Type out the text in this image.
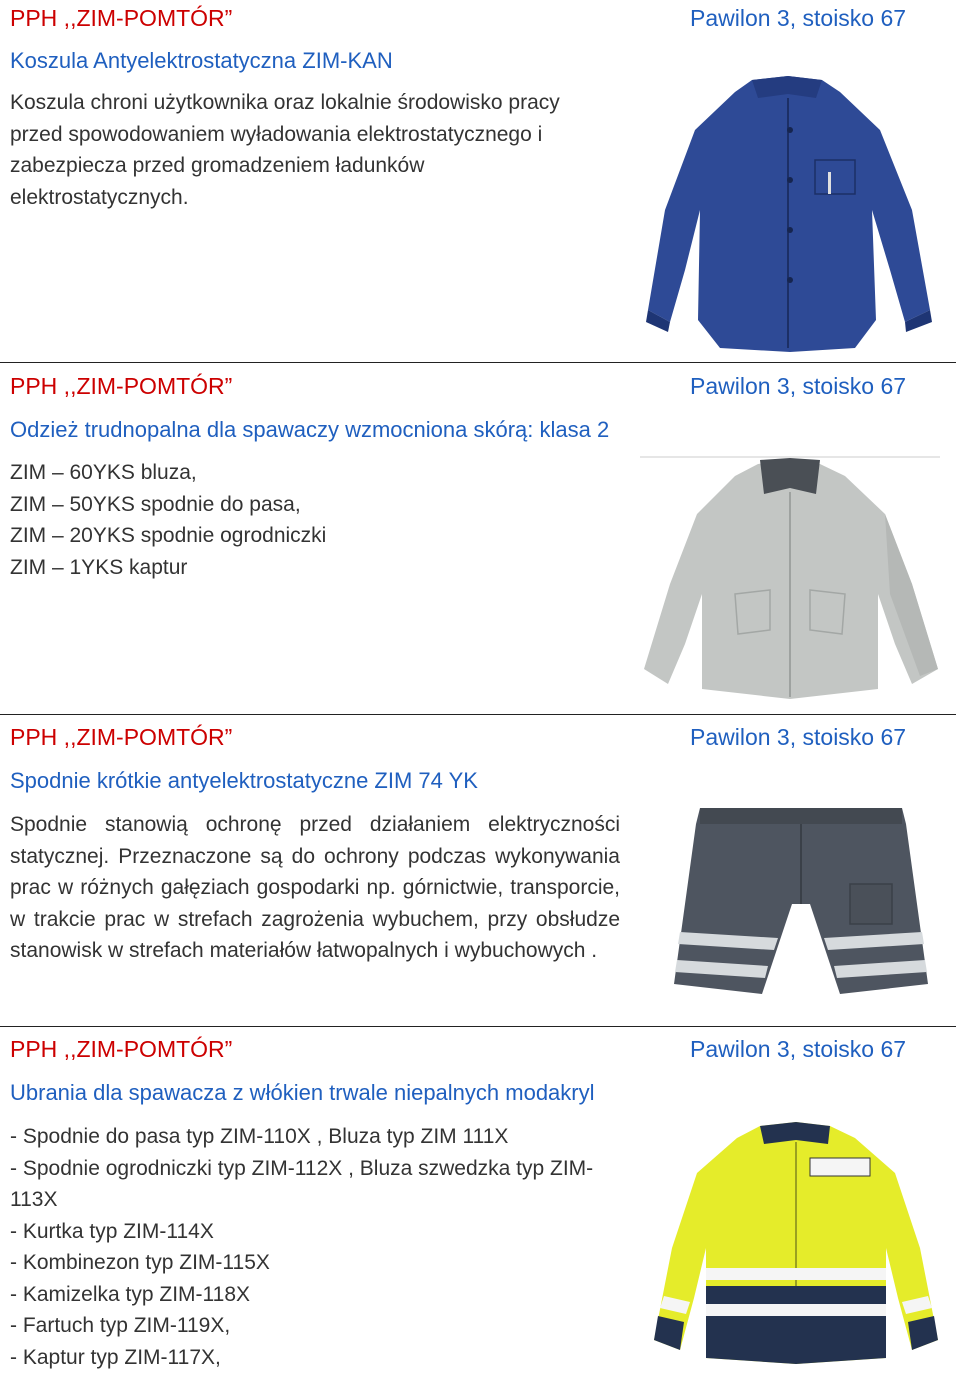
PPH ,,ZIM-POMTÓR”	Pawilon 3, stoisko 67
Koszula Antyelektrostatyczna ZIM-KAN

Koszula chroni użytkownika oraz lokalnie środowisko pracy

przed spowodowaniem wyładowania elektrostatycznego i

zabezpiecza przed gromadzeniem ładunków

elektrostatycznych.

PPH ,,ZIM-POMTÓR”	Pawilon 3, stoisko 67
Odzież trudnopalna dla spawaczy wzmocniona skórą: klasa 2

ZIM – 60YKS bluza,

ZIM – 50YKS spodnie do pasa,

ZIM – 20YKS spodnie ogrodniczki

ZIM – 1YKS kaptur

PPH ,,ZIM-POMTÓR”	Pawilon 3, stoisko 67
Spodnie krótkie antyelektrostatyczne ZIM 74 YK
Spodnie stanowią ochronę przed działaniem elektryczności statycznej. Przeznaczone są do ochrony podczas wykonywania prac w różnych gałęziach gospodarki np. górnictwie, transporcie, w trakcie prac w strefach zagrożenia wybuchem, przy obsłudze stanowisk w strefach materiałów łatwopalnych i wybuchowych .
PPH ,,ZIM-POMTÓR”	Pawilon 3, stoisko 67
Ubrania dla spawacza z włókien trwale niepalnych modakryl

- Spodnie do pasa typ ZIM-110X , Bluza typ ZIM 111X

- Spodnie ogrodniczki typ ZIM-112X , Bluza szwedzka typ ZIM-

113X

- Kurtka typ ZIM-114X

- Kombinezon typ ZIM-115X

- Kamizelka typ ZIM-118X

- Fartuch typ ZIM-119X,

- Kaptur typ ZIM-117X,
